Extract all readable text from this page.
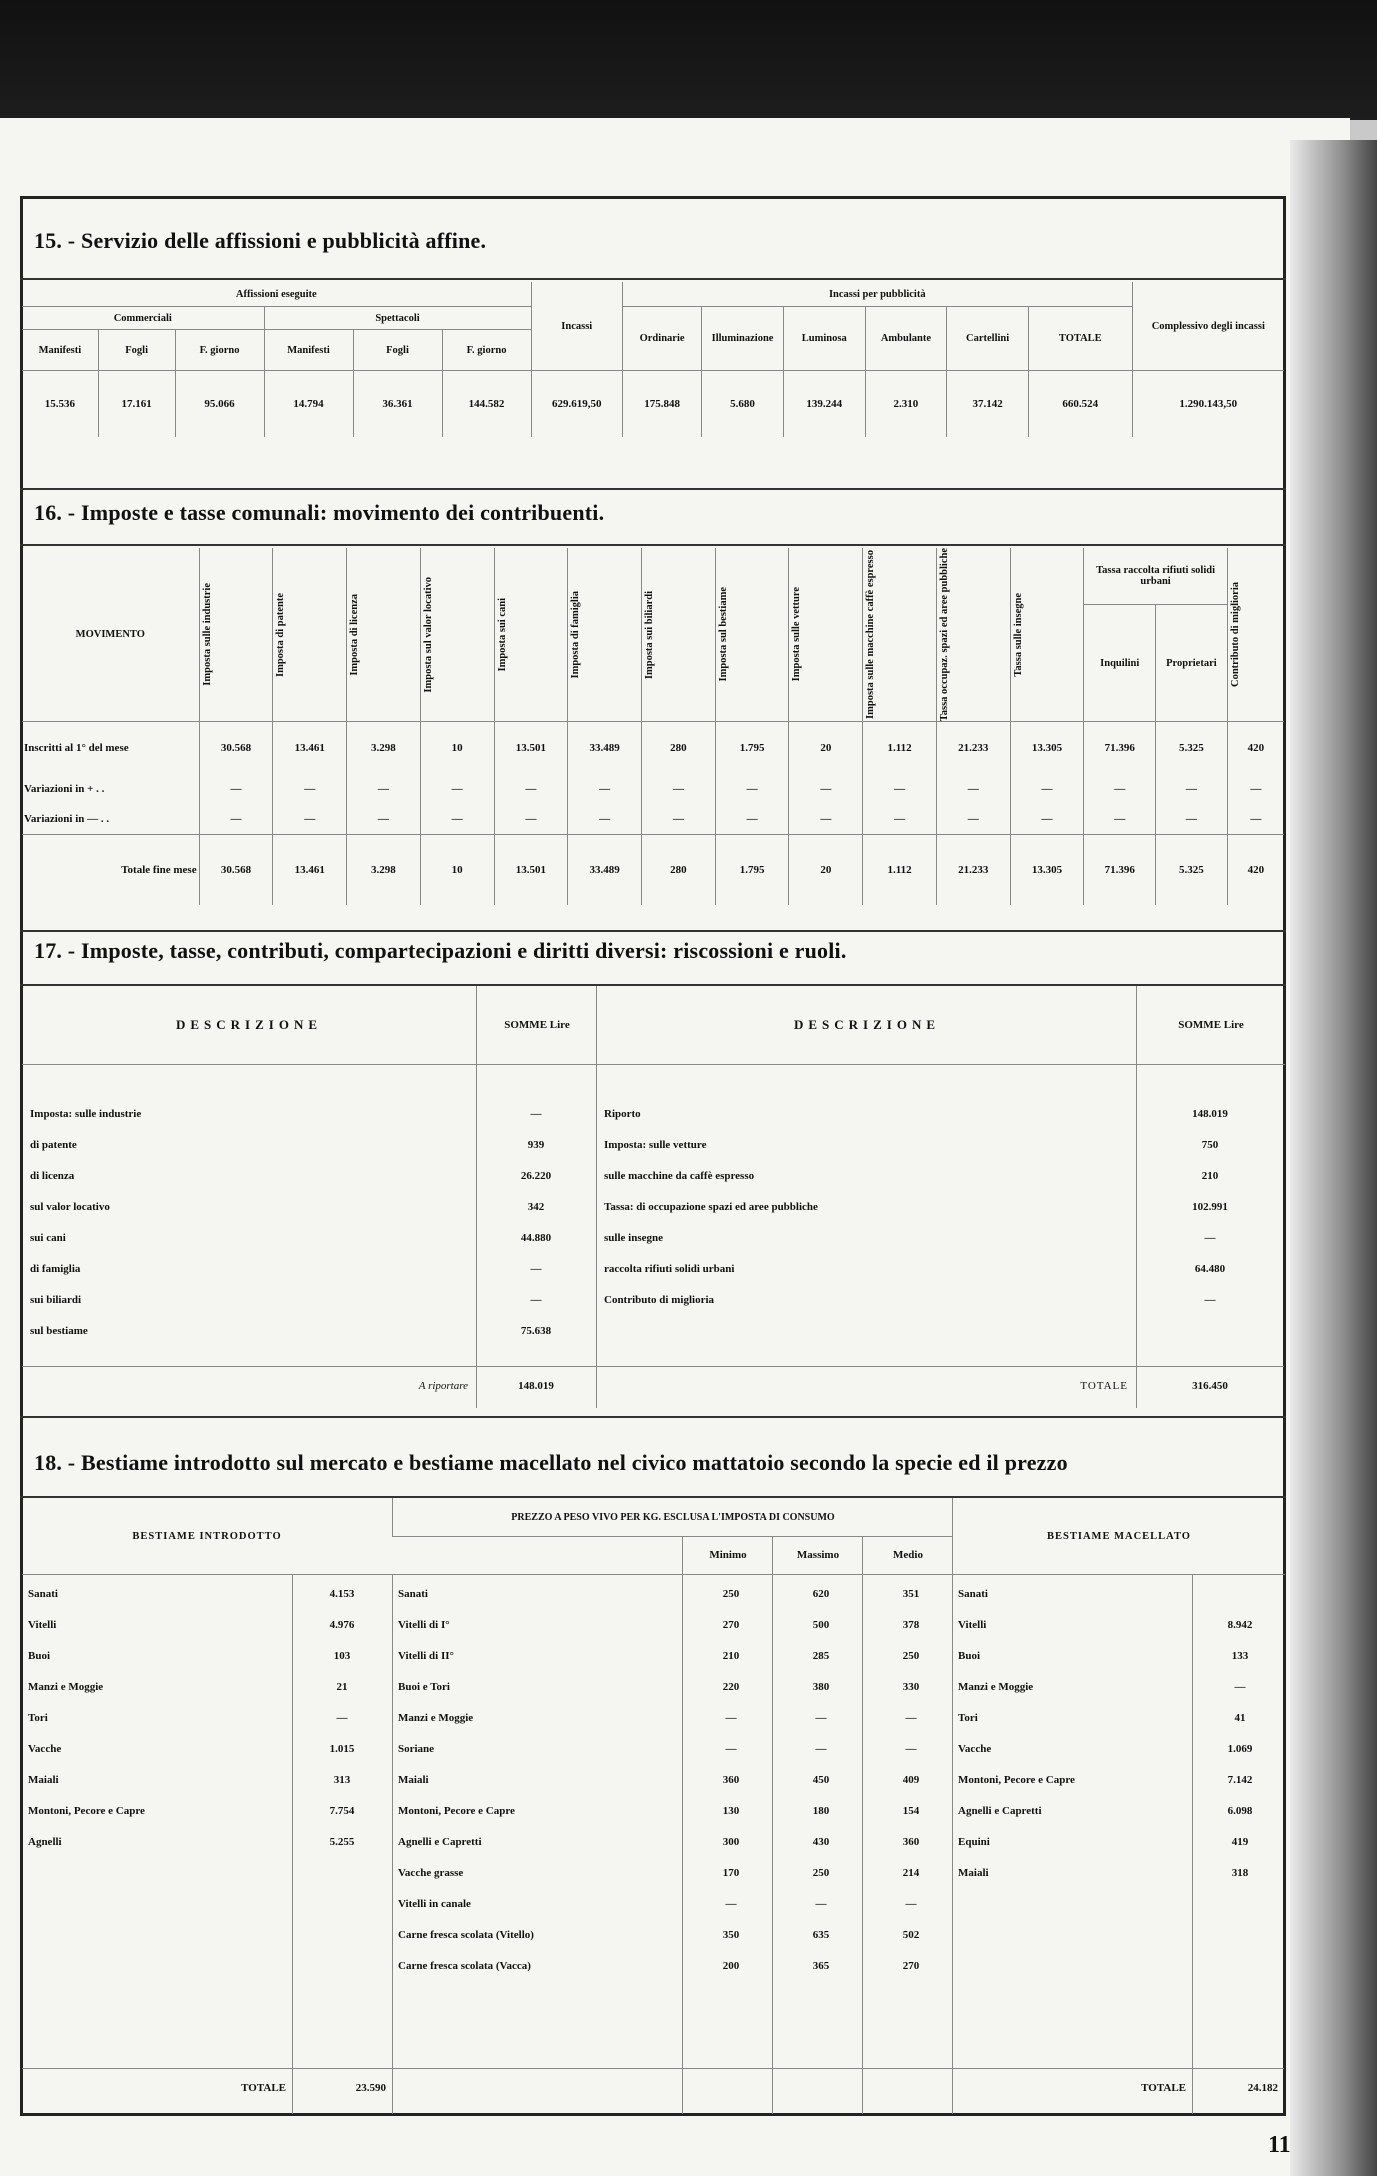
15. - Servizio delle affissioni e pubblicità affine.
Affissioni eseguite						Incassi	Incassi per pubblicità						Complessivo degli incassi
Commerciali			Spettacoli				Ordinarie	Illuminazione	Luminosa	Ambulante	Cartellini	TOTALE	
Manifesti	Fogli	F. giorno	Manifesti	Fogli	F. giorno								
15.536	17.161	95.066	14.794	36.361	144.582	629.619,50	175.848	5.680	139.244	2.310	37.142	660.524	1.290.143,50
16. - Imposte e tasse comunali: movimento dei contribuenti.
MOVIMENTO	Imposta sulle industrie	Imposta di patente	Imposta di licenza	Imposta sul valor locativo	Imposta sui cani	Imposta di famiglia	Imposta sui biliardi	Imposta sul bestiame	Imposta sulle vetture	Imposta sulle macchine caffè espresso	Tassa occupaz. spazi ed aree pubbliche	Tassa sulle insegne	Tassa raccolta rifiuti solidi urbani		Contributo di miglioria

													Inquilini	Proprietari	
Inscritti al 1° del mese	30.568	13.461	3.298	10	13.501	33.489	280	1.795	20	1.112	21.233	13.305	71.396	5.325	420
Variazioni in + . .	—	—	—	—	—	—	—	—	—	—	—	—	—	—	—
Variazioni in — . .	—	—	—	—	—	—	—	—	—	—	—	—	—	—	—
Totale fine mese	30.568	13.461	3.298	10	13.501	33.489	280	1.795	20	1.112	21.233	13.305	71.396	5.325	420
17. - Imposte, tasse, contributi, compartecipazioni e diritti diversi: riscossioni e ruoli.
DESCRIZIONE	SOMME Lire	DESCRIZIONE	SOMME Lire
Imposta: sulle industrie	—
di patente	939
di licenza	26.220
sul valor locativo	342
sui cani	44.880
di famiglia	—
sui biliardi	—
sul bestiame	75.638
Riporto	148.019
Imposta: sulle vetture	750
sulle macchine da caffè espresso	210
Tassa: di occupazione spazi ed aree pubbliche	102.991
sulle insegne	—
raccolta rifiuti solidi urbani	64.480
Contributo di miglioria	—
A riportare	148.019	TOTALE	316.450
18. - Bestiame introdotto sul mercato e bestiame macellato nel civico mattatoio secondo la specie ed il prezzo
BESTIAME INTRODOTTO
PREZZO A PESO VIVO PER KG. ESCLUSA L'IMPOSTA DI CONSUMO
Minimo	Massimo	Medio
BESTIAME MACELLATO
Sanati	4.153
Vitelli	4.976
Buoi	103
Manzi e Moggie	21
Tori	—
Vacche	1.015
Maiali	313
Montoni, Pecore e Capre	7.754
Agnelli	5.255
Sanati	250	620	351
Vitelli di I°	270	500	378
Vitelli di II°	210	285	250
Buoi e Tori	220	380	330
Manzi e Moggie	—	—	—
Soriane	—	—	—
Maiali	360	450	409
Montoni, Pecore e Capre	130	180	154
Agnelli e Capretti	300	430	360
Vacche grasse	170	250	214
Vitelli in canale	—	—	—
Carne fresca scolata (Vitello)	350	635	502
Carne fresca scolata (Vacca)	200	365	270
Sanati
Vitelli	8.942
Buoi	133
Manzi e Moggie	—
Tori	41
Vacche	1.069
Montoni, Pecore e Capre	7.142
Agnelli e Capretti	6.098
Equini	419
Maiali	318
TOTALE	23.590	TOTALE	24.182
11
